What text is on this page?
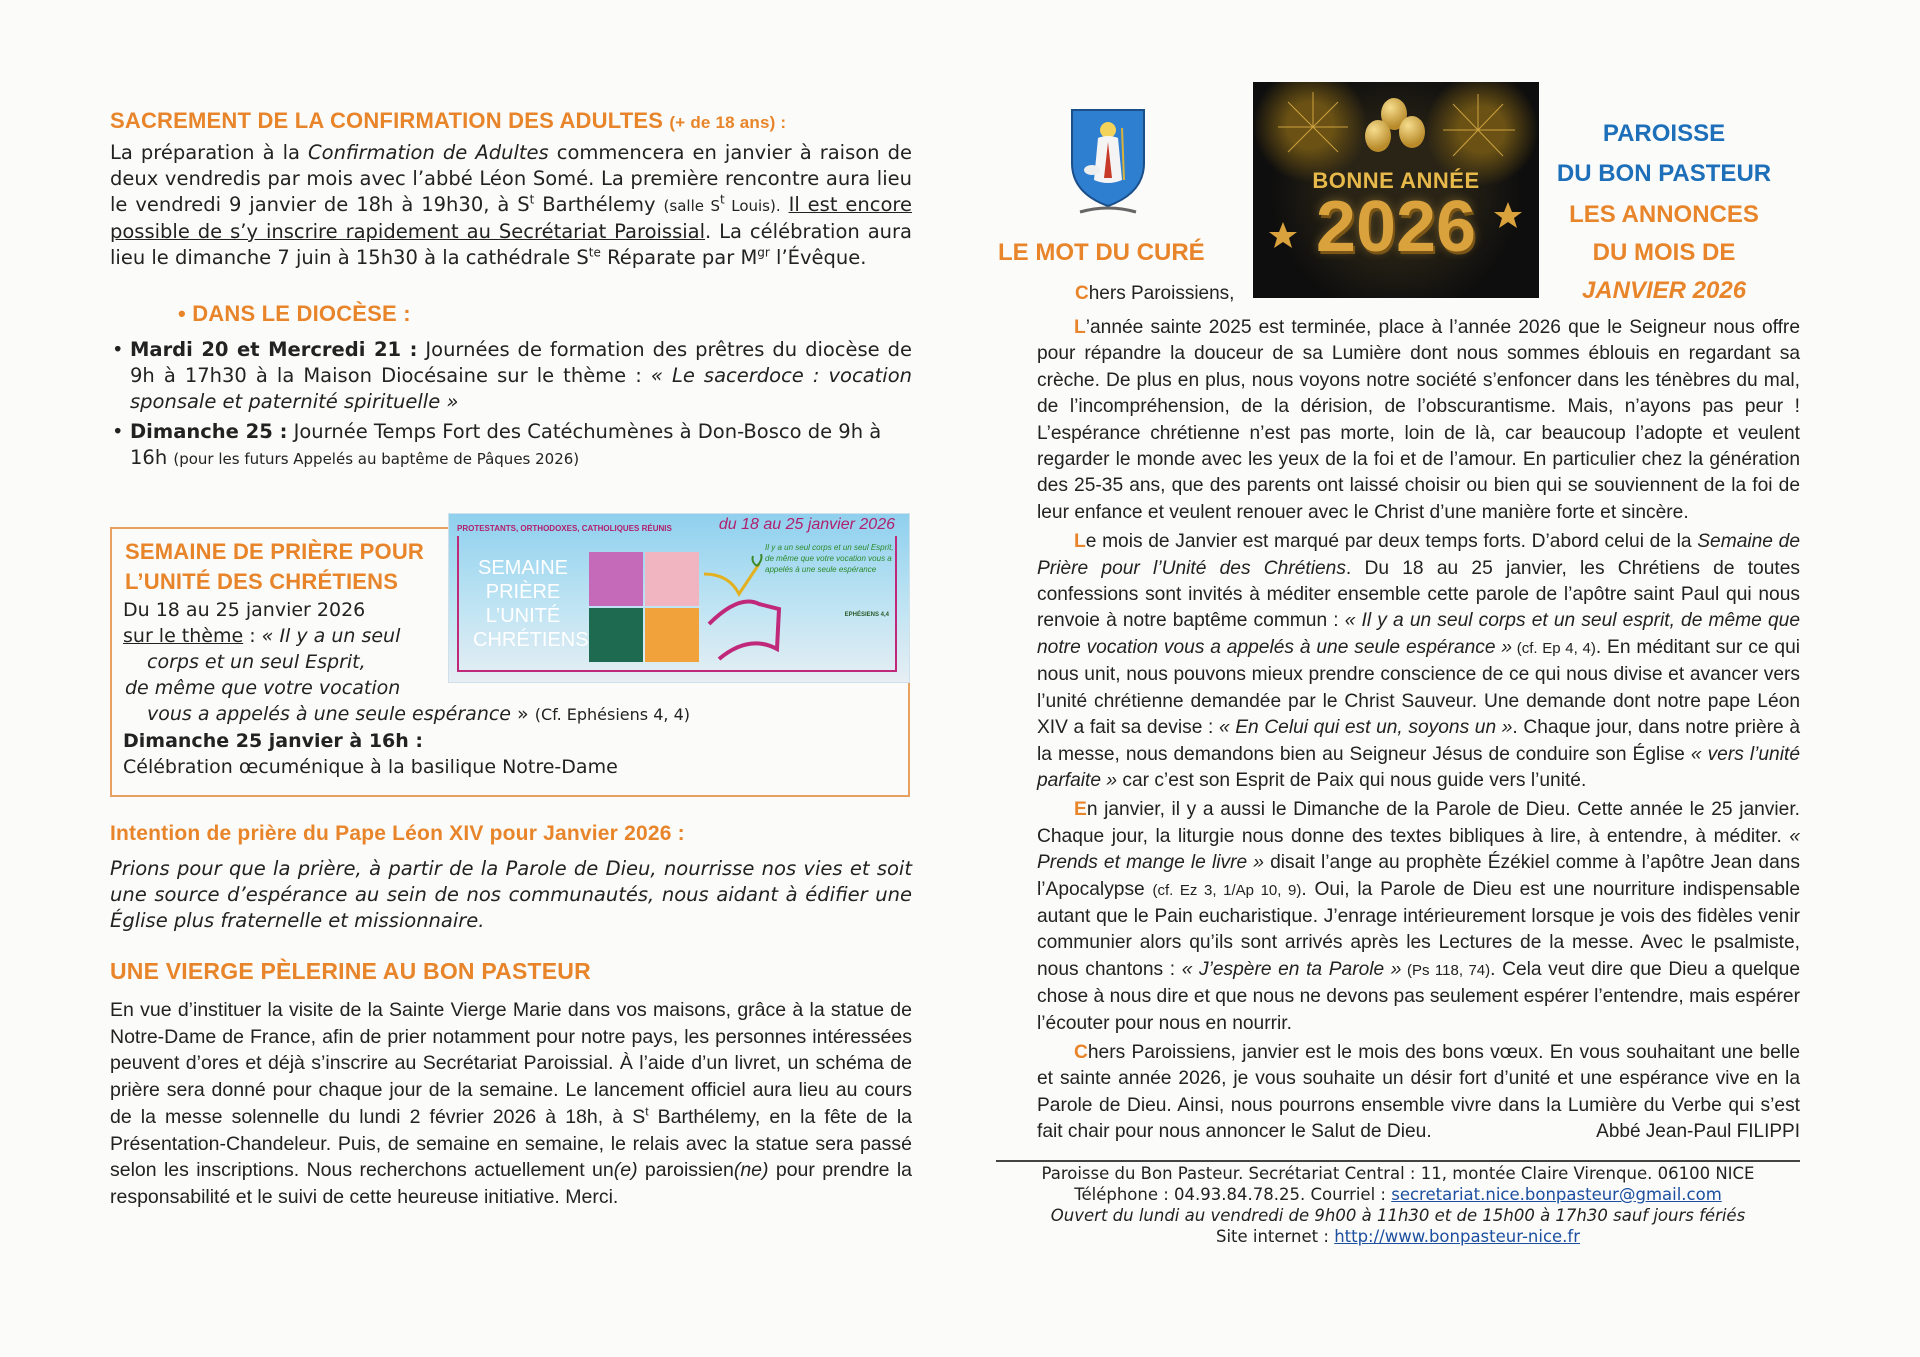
SACREMENT DE LA CONFIRMATION DES ADULTES (+ de 18 ans) :
La préparation à la Confirmation de Adultes commencera en janvier à raison de deux vendredis par mois avec l’abbé Léon Somé. La première rencontre aura lieu le vendredi 9 janvier de 18h à 19h30, à $S^t$ Barthélemy (salle $S^t$ Louis). Il est encore possible de s’y inscrire rapidement au Secrétariat Paroissial. La célébration aura lieu le dimanche 7 juin à 15h30 à la cathédrale $S^{te}$ Réparate par $M^{gr}$ l’Évêque.
• DANS LE DIOCÈSE :
• Mardi 20 et Mercredi 21 : Journées de formation des prêtres du diocèse de 9h à 17h30 à la Maison Diocésaine sur le thème : « Le sacerdoce : vocation sponsale et paternité spirituelle »
• Dimanche 25 : Journée Temps Fort des Catéchumènes à Don-Bosco de 9h à 16h (pour les futurs Appelés au baptême de Pâques 2026)
SEMAINE DE PRIÈRE POUR
L’UNITÉ DES CHRÉTIENS
Du 18 au 25 janvier 2026
sur le thème : « Il y a un seul
corps et un seul Esprit,
de même que votre vocation
vous a appelés à une seule espérance » (Cf. Ephésiens 4, 4)
Dimanche 25 janvier à 16h :
Célébration œcuménique à la basilique Notre-Dame
PROTESTANTS, ORTHODOXES, CATHOLIQUES RÉUNIS	du 18 au 25 janvier 2026
SEMAINE PRIÈRE L’UNITÉ CHRÉTIENS
Il y a un seul corps et un seul Esprit, de même que votre vocation vous a appelés à une seule espérance
EPHÉSIENS 4,4
Intention de prière du Pape Léon XIV pour Janvier 2026 :
Prions pour que la prière, à partir de la Parole de Dieu, nourrisse nos vies et soit une source d’espérance au sein de nos communautés, nous aidant à édifier une Église plus fraternelle et missionnaire.
UNE VIERGE PÈLERINE AU BON PASTEUR
En vue d’instituer la visite de la Sainte Vierge Marie dans vos maisons, grâce à la statue de Notre-Dame de France, afin de prier notamment pour notre pays, les personnes intéressées peuvent d’ores et déjà s’inscrire au Secrétariat Paroissial. À l’aide d’un livret, un schéma de prière sera donné pour chaque jour de la semaine. Le lancement officiel aura lieu au cours de la messe solennelle du lundi 2 février 2026 à 18h, à $S^t$ Barthélemy, en la fête de la Présentation-Chandeleur. Puis, de semaine en semaine, le relais avec la statue sera passé selon les inscriptions. Nous recherchons actuellement un(e) paroissien(ne) pour prendre la responsabilité et le suivi de cette heureuse initiative. Merci.
BONNE ANNÉE
2026
PAROISSE
DU BON PASTEUR
LES ANNONCES
DU MOIS DE
JANVIER 2026
LE MOT DU CURÉ
Chers Paroissiens,

L’année sainte 2025 est terminée, place à l’année 2026 que le Seigneur nous offre pour répandre la douceur de sa Lumière dont nous sommes éblouis en regardant sa crèche. De plus en plus, nous voyons notre société s’enfoncer dans les ténèbres du mal, de l’incompréhension, de la dérision, de l’obscurantisme. Mais, n’ayons pas peur ! L’espérance chrétienne n’est pas morte, loin de là, car beaucoup l’adopte et veulent regarder le monde avec les yeux de la foi et de l’amour. En particulier chez la génération des 25-35 ans, que des parents ont laissé choisir ou bien qui se souviennent de la foi de leur enfance et veulent renouer avec le Christ d’une manière forte et sincère.

Le mois de Janvier est marqué par deux temps forts. D’abord celui de la Semaine de Prière pour l’Unité des Chrétiens. Du 18 au 25 janvier, les Chrétiens de toutes confessions sont invités à méditer ensemble cette parole de l’apôtre saint Paul qui nous renvoie à notre baptême commun : « Il y a un seul corps et un seul esprit, de même que notre vocation vous a appelés à une seule espérance » (cf. Ep 4, 4). En méditant sur ce qui nous unit, nous pouvons mieux prendre conscience de ce qui nous divise et avancer vers l’unité chrétienne demandée par le Christ Sauveur. Une demande dont notre pape Léon XIV a fait sa devise : « En Celui qui est un, soyons un ». Chaque jour, dans notre prière à la messe, nous demandons bien au Seigneur Jésus de conduire son Église « vers l’unité parfaite » car c’est son Esprit de Paix qui nous guide vers l’unité.

En janvier, il y a aussi le Dimanche de la Parole de Dieu. Cette année le 25 janvier. Chaque jour, la liturgie nous donne des textes bibliques à lire, à entendre, à méditer. « Prends et mange le livre » disait l’ange au prophète Ézékiel comme à l’apôtre Jean dans l’Apocalypse (cf. Ez 3, 1/Ap 10, 9). Oui, la Parole de Dieu est une nourriture indispensable autant que le Pain eucharistique. J’enrage intérieurement lorsque je vois des fidèles venir communier alors qu’ils sont arrivés après les Lectures de la messe. Avec le psalmiste, nous chantons : « J’espère en ta Parole » (Ps 118, 74). Cela veut dire que Dieu a quelque chose à nous dire et que nous ne devons pas seulement espérer l’entendre, mais espérer l’écouter pour nous en nourrir.

Chers Paroissiens, janvier est le mois des bons vœux. En vous souhaitant une belle et sainte année 2026, je vous souhaite un désir fort d’unité et une espérance vive en la Parole de Dieu. Ainsi, nous pourrons ensemble vivre dans la Lumière du Verbe qui s’est fait chair pour nous annoncer le Salut de Dieu.	Abbé Jean-Paul FILIPPI
Paroisse du Bon Pasteur. Secrétariat Central : 11, montée Claire Virenque. 06100 NICE
Téléphone : 04.93.84.78.25. Courriel : secretariat.nice.bonpasteur@gmail.com
Ouvert du lundi au vendredi de 9h00 à 11h30 et de 15h00 à 17h30 sauf jours fériés
Site internet : http://www.bonpasteur-nice.fr
